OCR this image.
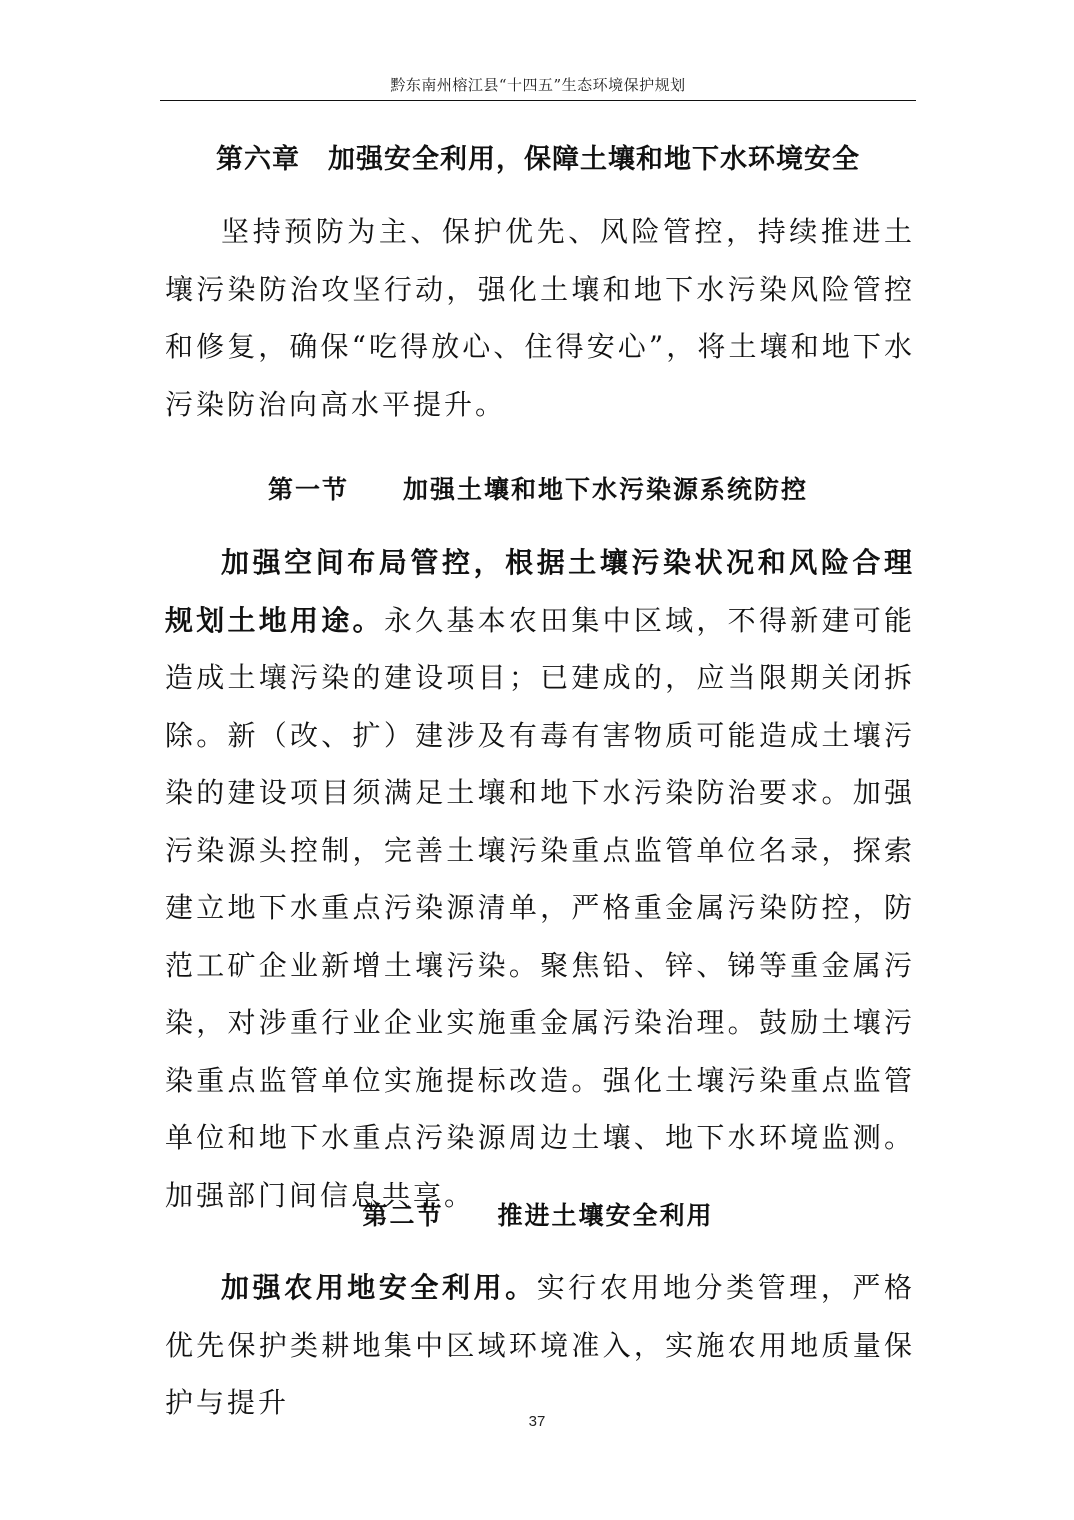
黔东南州榕江县“十四五”生态环境保护规划
第六章　加强安全利用，保障土壤和地下水环境安全

坚持预防为主、保护优先、风险管控，持续推进土壤污染防治攻坚行动，强化土壤和地下水污染风险管控和修复，确保“吃得放心、住得安心”，将土壤和地下水污染防治向高水平提升。

第一节　　加强土壤和地下水污染源系统防控

加强空间布局管控，根据土壤污染状况和风险合理规划土地用途。永久基本农田集中区域，不得新建可能造成土壤污染的建设项目；已建成的，应当限期关闭拆除。新（改、扩）建涉及有毒有害物质可能造成土壤污染的建设项目须满足土壤和地下水污染防治要求。加强污染源头控制，完善土壤污染重点监管单位名录，探索建立地下水重点污染源清单，严格重金属污染防控，防范工矿企业新增土壤污染。聚焦铅、锌、锑等重金属污染，对涉重行业企业实施重金属污染治理。鼓励土壤污染重点监管单位实施提标改造。强化土壤污染重点监管单位和地下水重点污染源周边土壤、地下水环境监测。加强部门间信息共享。

第二节　　推进土壤安全利用

加强农用地安全利用。实行农用地分类管理，严格优先保护类耕地集中区域环境准入，实施农用地质量保护与提升

37
